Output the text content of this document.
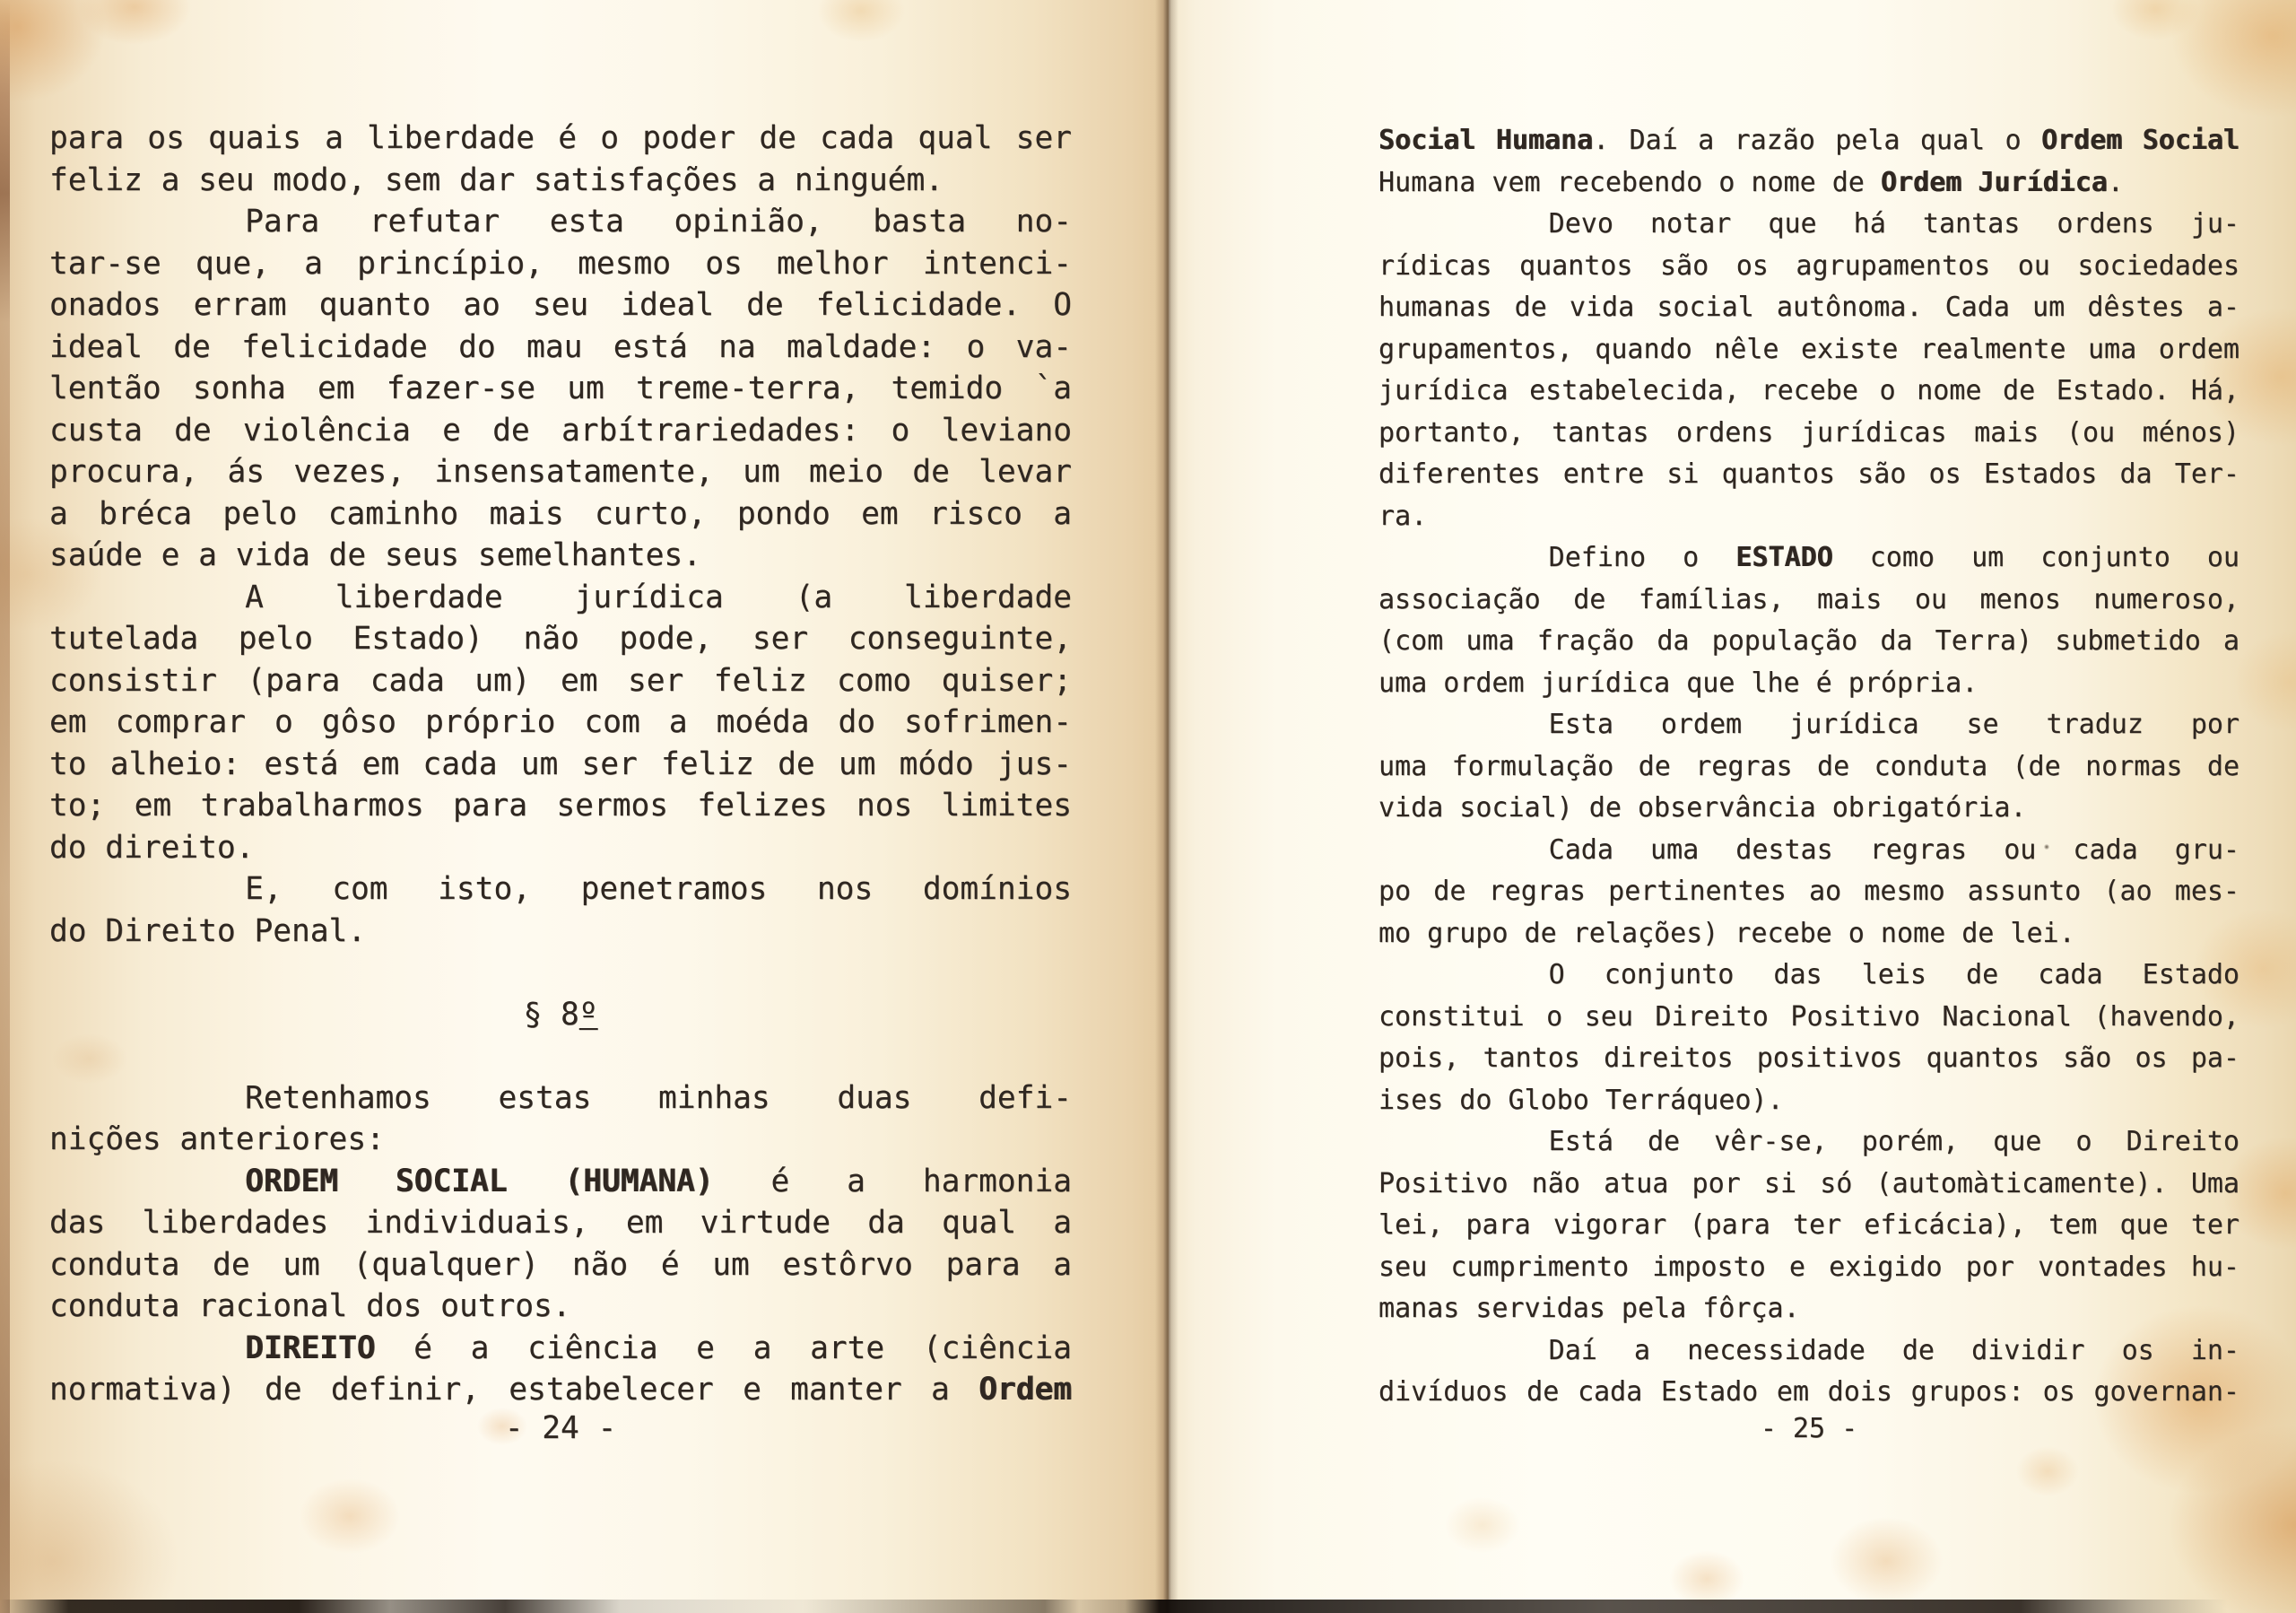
para os quais a liberdade é o poder de cada qual ser
feliz a seu modo, sem dar satisfações a ninguém.
Para refutar esta opinião, basta no-
tar-se que, a princípio, mesmo os melhor intenci-
onados erram quanto ao seu ideal de felicidade. O
ideal de felicidade do mau está na maldade: o va-
lentão sonha em fazer-se um treme-terra, temido `a
custa de violência e de arbítrariedades: o leviano
procura, ás vezes, insensatamente, um meio de levar
a bréca pelo caminho mais curto, pondo em risco a
saúde e a vida de seus semelhantes.
A liberdade jurídica (a liberdade
tutelada pelo Estado) não pode, ser conseguinte,
consistir (para cada um) em ser feliz como quiser;
em comprar o gôso próprio com a moéda do sofrimen-
to alheio: está em cada um ser feliz de um módo jus-
to; em trabalharmos para sermos felizes nos limites
do direito.
E, com isto, penetramos nos domínios
do Direito Penal.

§ 8º

Retenhamos estas minhas duas defi-
nições anteriores:
ORDEM SOCIAL (HUMANA) é a harmonia
das liberdades individuais, em virtude da qual a
conduta de um (qualquer) não é um estôrvo para a
conduta racional dos outros.
DIREITO é a ciência e a arte (ciência
normativa) de definir, estabelecer e manter a Ordem
- 24 -
Social Humana. Daí a razão pela qual o Ordem Social
Humana vem recebendo o nome de Ordem Jurídica.
Devo notar que há tantas ordens ju-
rídicas quantos são os agrupamentos ou sociedades
humanas de vida social autônoma. Cada um dêstes a-
grupamentos, quando nêle existe realmente uma ordem
jurídica estabelecida, recebe o nome de Estado. Há,
portanto, tantas ordens jurídicas mais (ou ménos)
diferentes entre si quantos são os Estados da Ter-
ra.
Defino o ESTADO como um conjunto ou
associação de famílias, mais ou menos numeroso,
(com uma fração da população da Terra) submetido a
uma ordem jurídica que lhe é própria.
Esta ordem jurídica se traduz por
uma formulação de regras de conduta (de normas de
vida social) de observância obrigatória.
Cada uma destas regras ou cada gru-
po de regras pertinentes ao mesmo assunto (ao mes-
mo grupo de relações) recebe o nome de lei.
O conjunto das leis de cada Estado
constitui o seu Direito Positivo Nacional (havendo,
pois, tantos direitos positivos quantos são os pa-
ises do Globo Terráqueo).
Está de vêr-se, porém, que o Direito
Positivo não atua por si só (automàticamente). Uma
lei, para vigorar (para ter eficácia), tem que ter
seu cumprimento imposto e exigido por vontades hu-
manas servidas pela fôrça.
Daí a necessidade de dividir os in-
divíduos de cada Estado em dois grupos: os governan-
- 25 -
